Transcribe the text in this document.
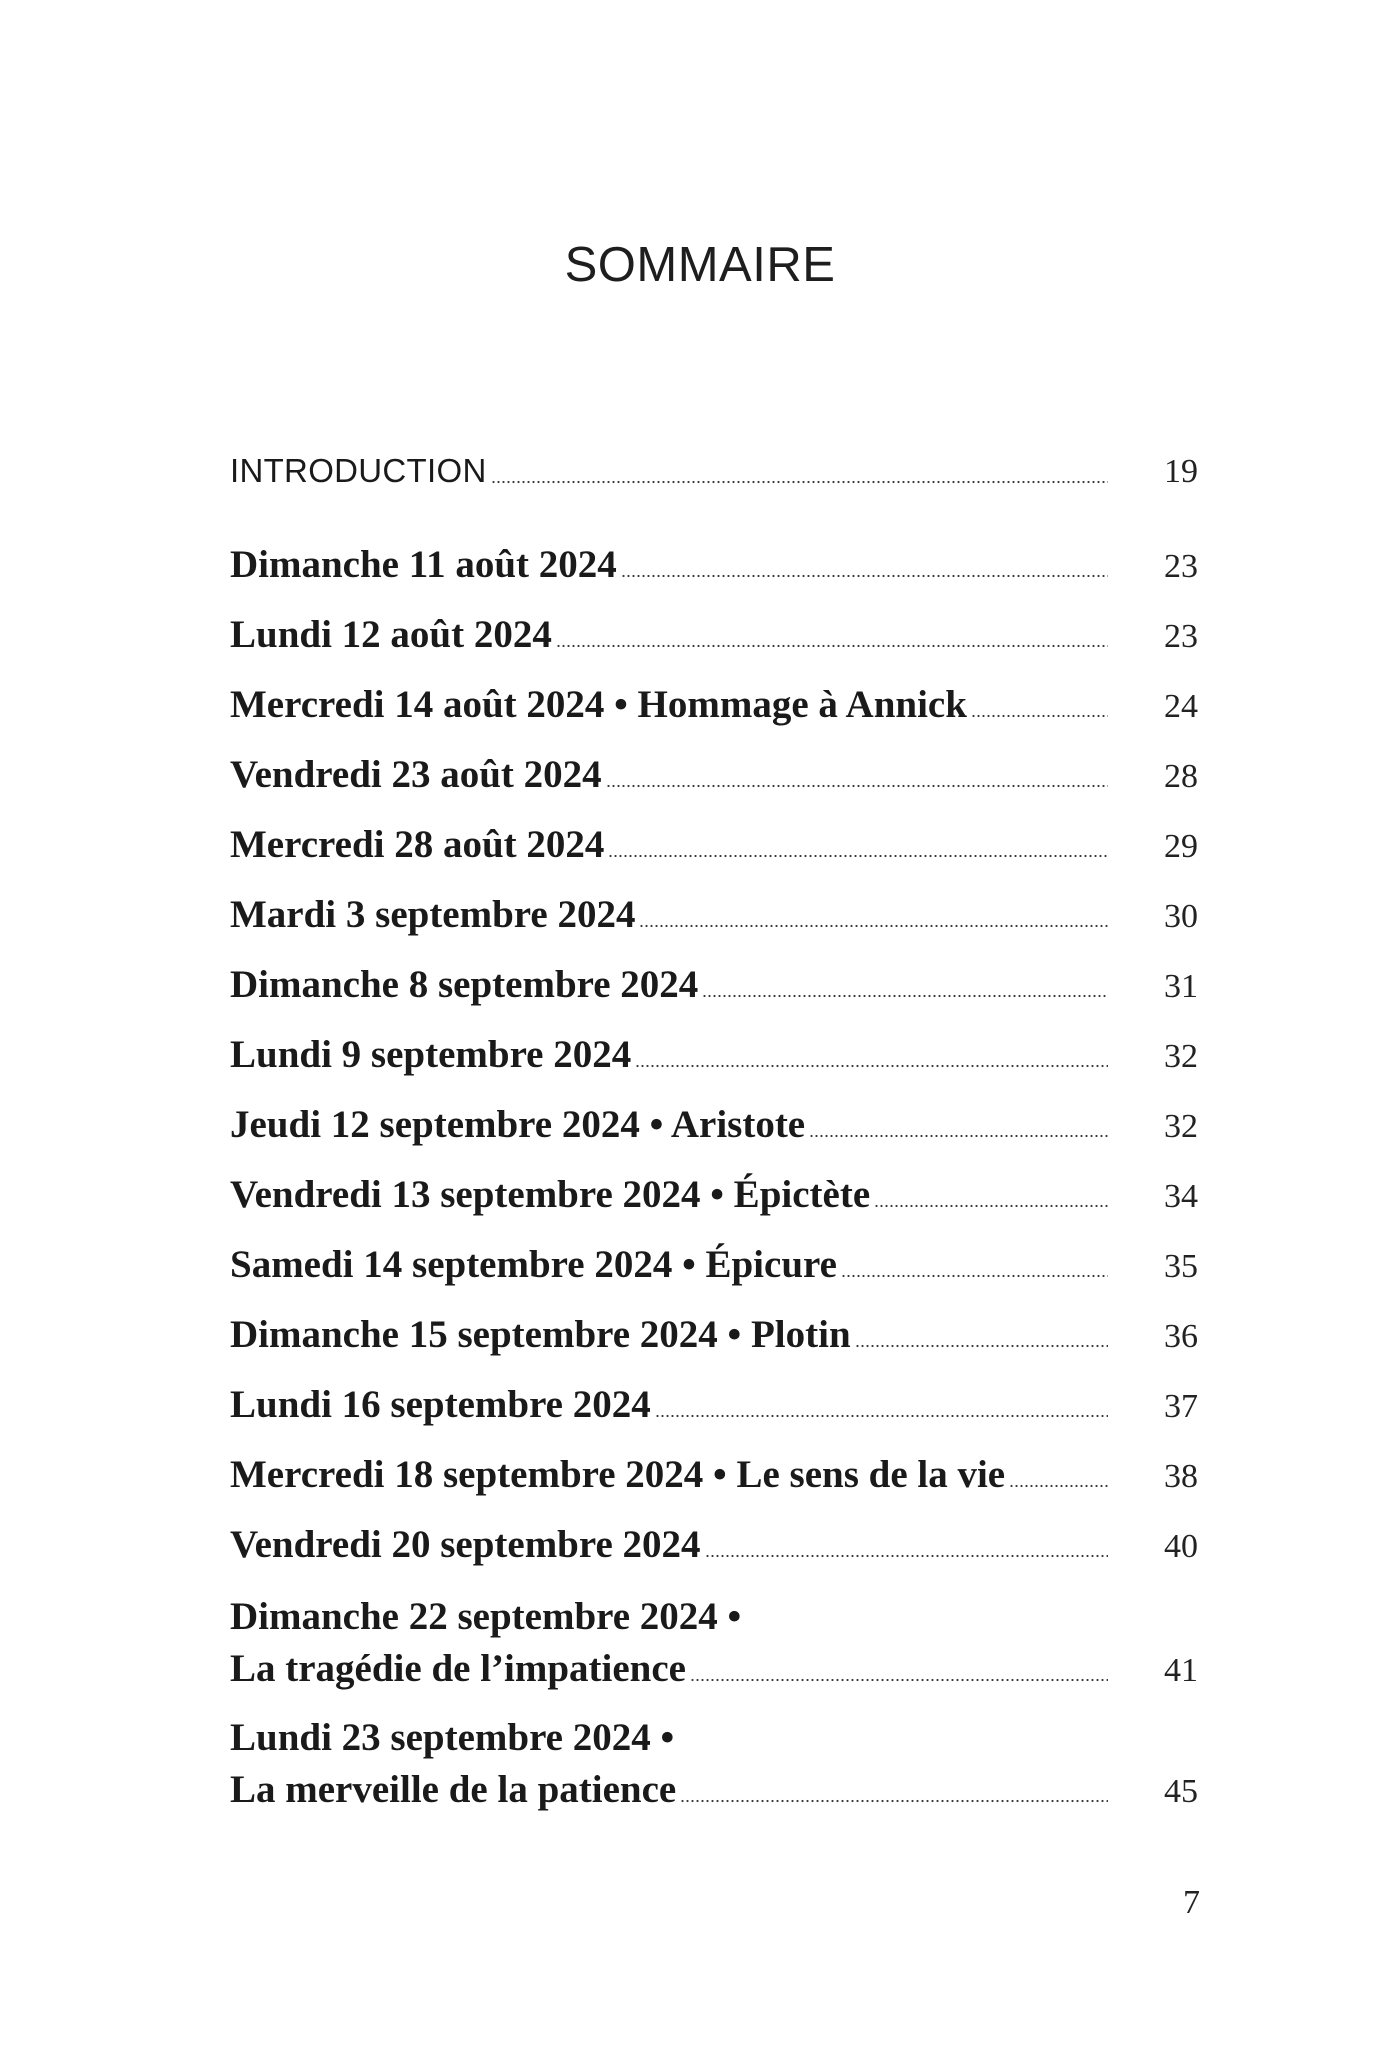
SOMMAIRE
INTRODUCTION	19
Dimanche 11 août 2024	23
Lundi 12 août 2024	23
Mercredi 14 août 2024 • Hommage à Annick	24
Vendredi 23 août 2024	28
Mercredi 28 août 2024	29
Mardi 3 septembre 2024	30
Dimanche 8 septembre 2024	31
Lundi 9 septembre 2024	32
Jeudi 12 septembre 2024 • Aristote	32
Vendredi 13 septembre 2024 • Épictète	34
Samedi 14 septembre 2024 • Épicure	35
Dimanche 15 septembre 2024 • Plotin	36
Lundi 16 septembre 2024	37
Mercredi 18 septembre 2024 • Le sens de la vie	38
Vendredi 20 septembre 2024	40
Dimanche 22 septembre 2024 •
La tragédie de l’impatience	41
Lundi 23 septembre 2024 •
La merveille de la patience	45
7
